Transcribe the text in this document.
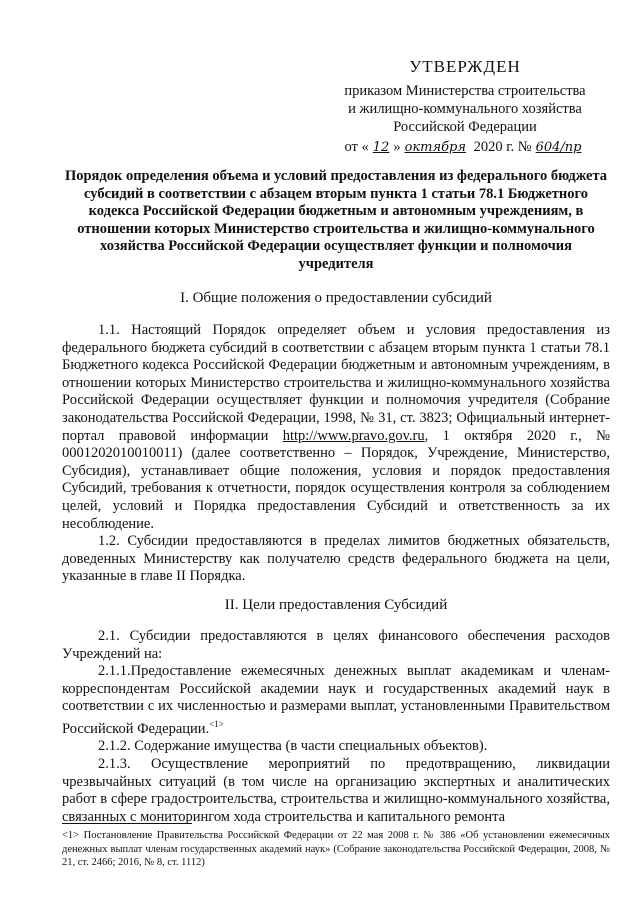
УТВЕРЖДЕН
приказом Министерства строительства
и жилищно-коммунального хозяйства
Российской Федерации
от « 12 » октября 2020 г. № 604/пр
Порядок определения объема и условий предоставления из федерального бюджета субсидий в соответствии с абзацем вторым пункта 1 статьи 78.1 Бюджетного кодекса Российской Федерации бюджетным и автономным учреждениям, в отношении которых Министерство строительства и жилищно-коммунального хозяйства Российской Федерации осуществляет функции и полномочия учредителя
I. Общие положения о предоставлении субсидий

1.1. Настоящий Порядок определяет объем и условия предоставления из федерального бюджета субсидий в соответствии с абзацем вторым пункта 1 статьи 78.1 Бюджетного кодекса Российской Федерации бюджетным и автономным учреждениям, в отношении которых Министерство строительства и жилищно-коммунального хозяйства Российской Федерации осуществляет функции и полномочия учредителя (Собрание законодательства Российской Федерации, 1998, № 31, ст. 3823; Официальный интернет-портал правовой информации http://www.pravo.gov.ru, 1 октября 2020 г., № 0001202010010011) (далее соответственно – Порядок, Учреждение, Министерство, Субсидия), устанавливает общие положения, условия и порядок предоставления Субсидий, требования к отчетности, порядок осуществления контроля за соблюдением целей, условий и Порядка предоставления Субсидий и ответственность за их несоблюдение.

1.2. Субсидии предоставляются в пределах лимитов бюджетных обязательств, доведенных Министерству как получателю средств федерального бюджета на цели, указанные в главе II Порядка.

II. Цели предоставления Субсидий

2.1. Субсидии предоставляются в целях финансового обеспечения расходов Учреждений на:

2.1.1.Предоставление ежемесячных денежных выплат академикам и членам-корреспондентам Российской академии наук и государственных академий наук в соответствии с их численностью и размерами выплат, установленными Правительством Российской Федерации.$^{<1>}$

2.1.2. Содержание имущества (в части специальных объектов).

2.1.3. Осуществление мероприятий по предотвращению, ликвидации чрезвычайных ситуаций (в том числе на организацию экспертных и аналитических работ в сфере градостроительства, строительства и жилищно-коммунального хозяйства, связанных с мониторингом хода строительства и капитального ремонта

<1> Постановление Правительства Российской Федерации от 22 мая 2008 г. № 386 «Об установлении ежемесячных денежных выплат членам государственных академий наук» (Собрание законодательства Российской Федерации, 2008, № 21, ст. 2466; 2016, № 8, ст. 1112)
